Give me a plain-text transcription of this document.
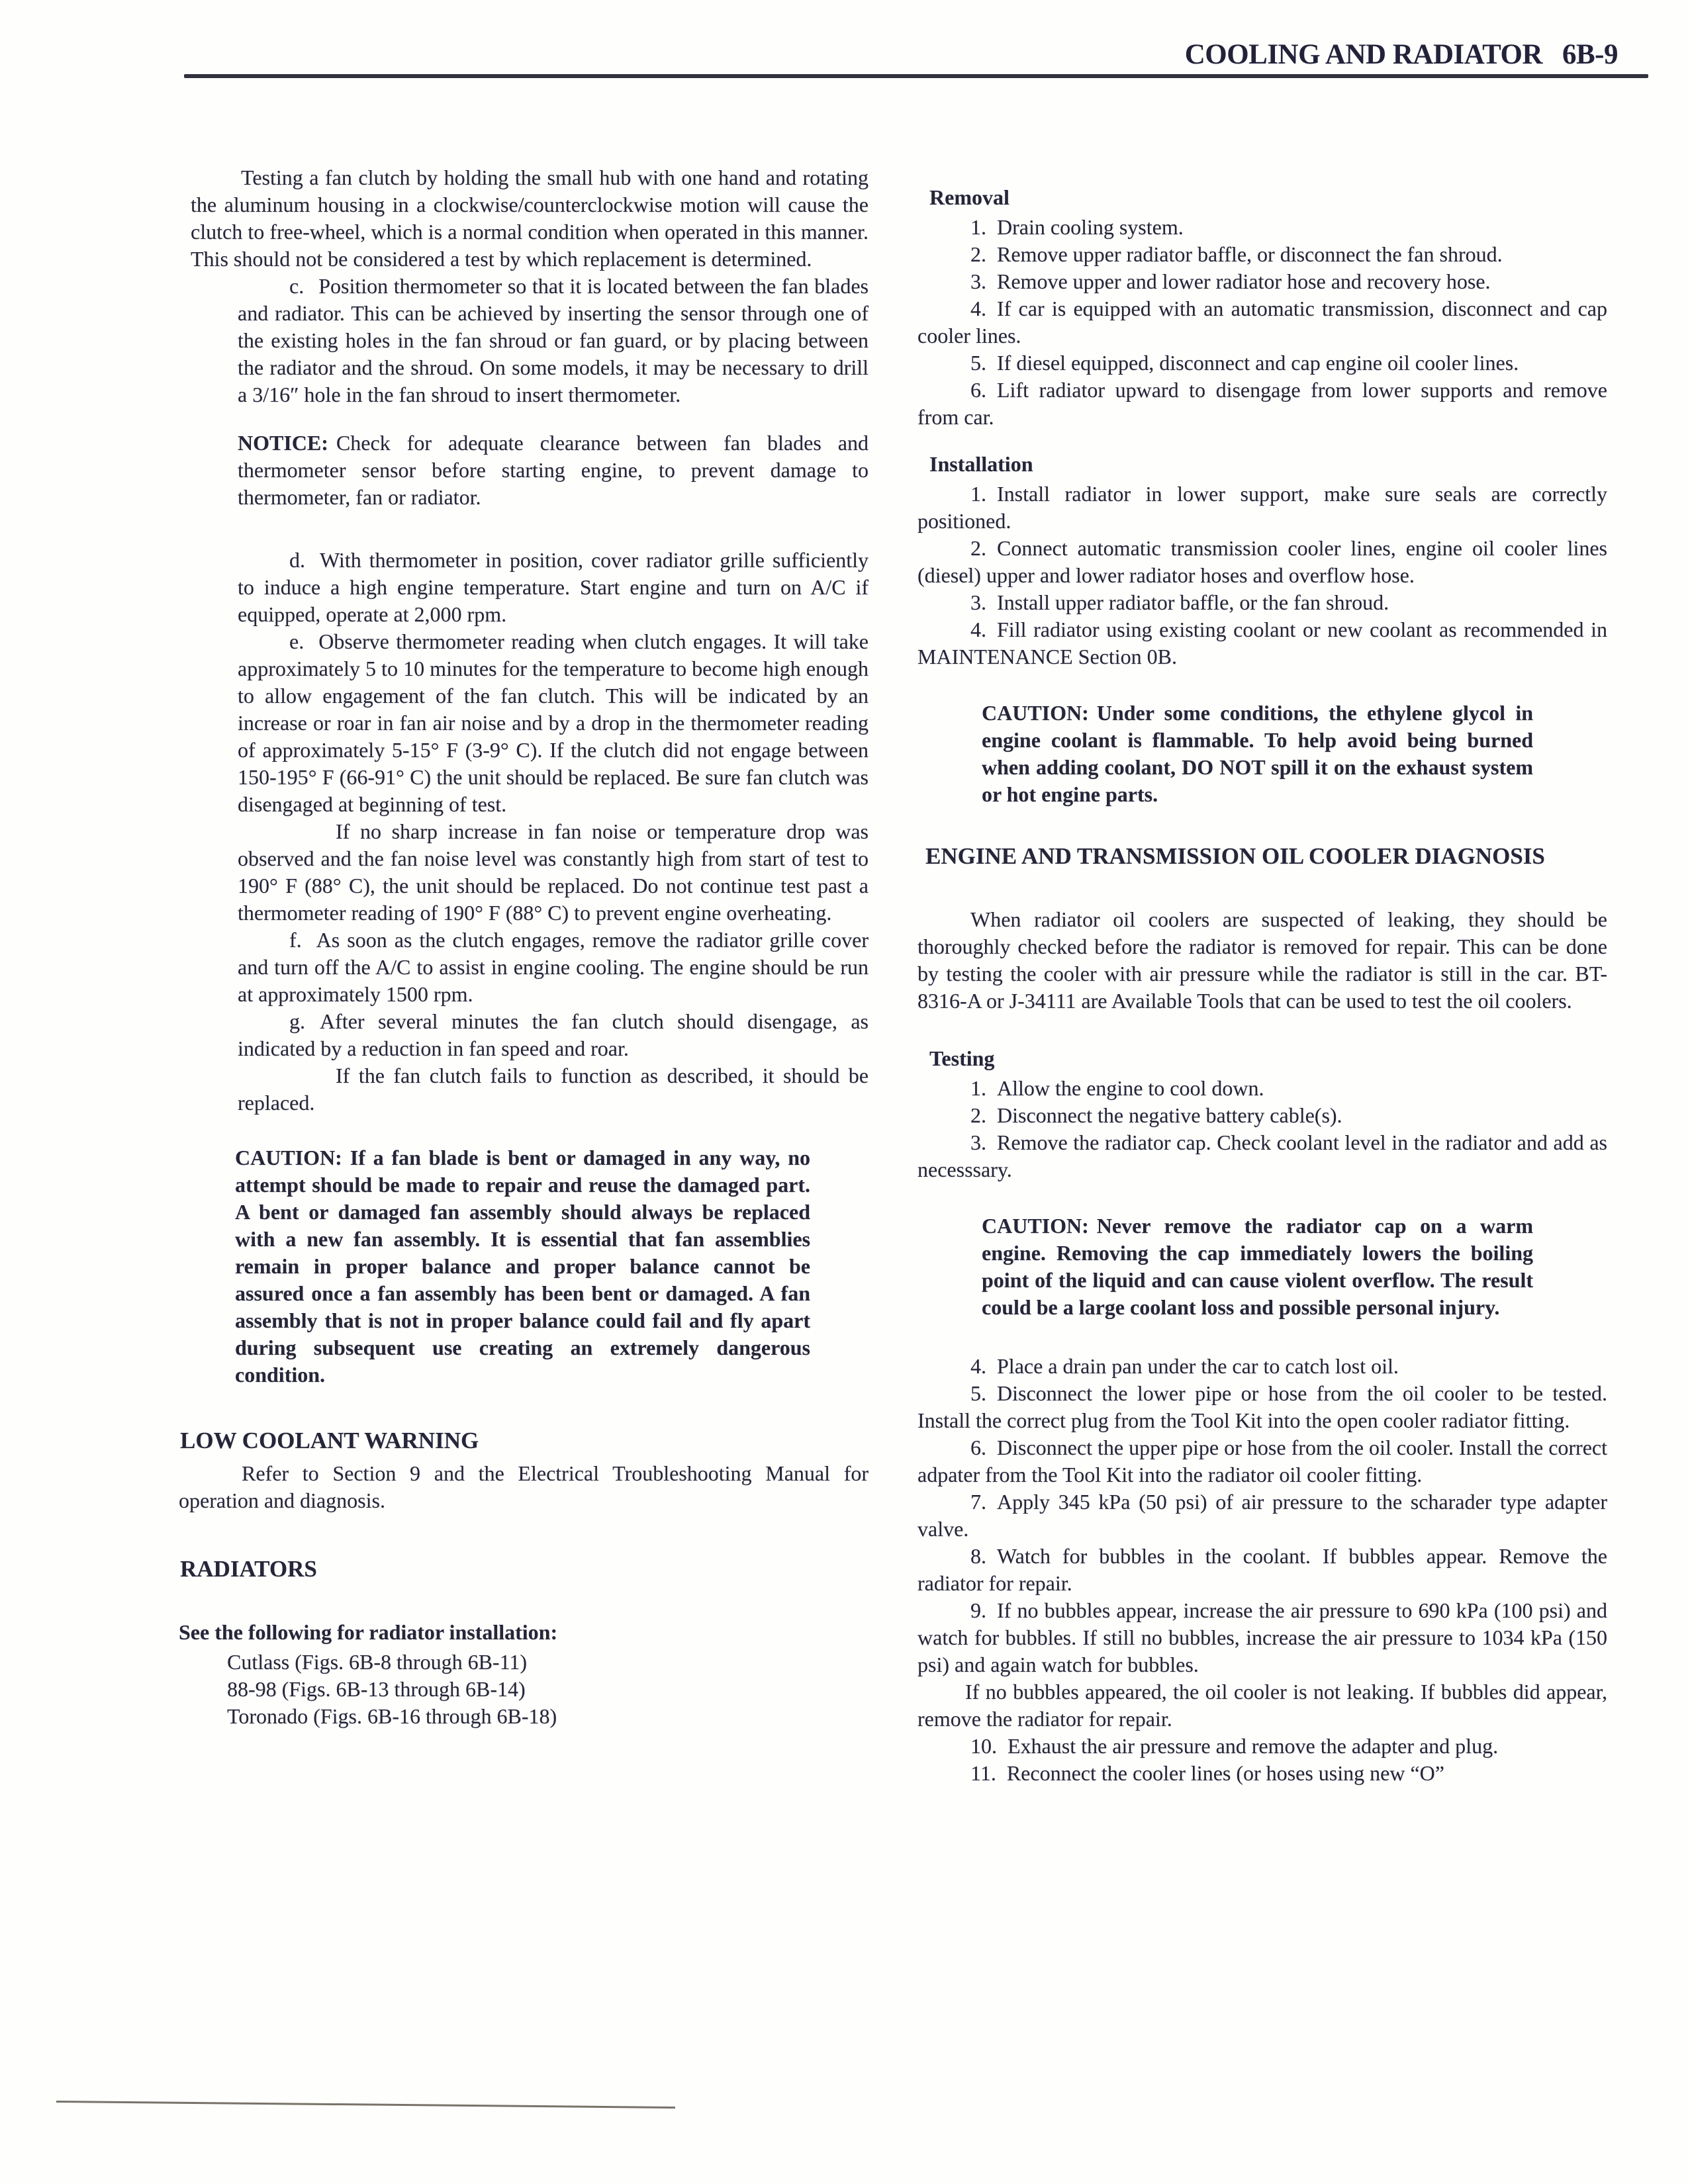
COOLING AND RADIATOR 6B-9

Testing a fan clutch by holding the small hub with one hand and rotating the aluminum housing in a clockwise/counterclockwise motion will cause the clutch to free-wheel, which is a normal condition when operated in this manner. This should not be considered a test by which replacement is determined.

c. Position thermometer so that it is located between the fan blades and radiator. This can be achieved by inserting the sensor through one of the existing holes in the fan shroud or fan guard, or by placing between the radiator and the shroud. On some models, it may be necessary to drill a 3/16″ hole in the fan shroud to insert thermometer.

NOTICE: Check for adequate clearance between fan blades and thermometer sensor before starting engine, to prevent damage to thermometer, fan or radiator.

d. With thermometer in position, cover radiator grille sufficiently to induce a high engine temperature. Start engine and turn on A/C if equipped, operate at 2,000 rpm.

e. Observe thermometer reading when clutch engages. It will take approximately 5 to 10 minutes for the temperature to become high enough to allow engagement of the fan clutch. This will be indicated by an increase or roar in fan air noise and by a drop in the thermometer reading of approximately 5-15° F (3-9° C). If the clutch did not engage between 150-195° F (66-91° C) the unit should be replaced. Be sure fan clutch was disengaged at beginning of test.

If no sharp increase in fan noise or temperature drop was observed and the fan noise level was constantly high from start of test to 190° F (88° C), the unit should be replaced. Do not continue test past a thermometer reading of 190° F (88° C) to prevent engine overheating.

f. As soon as the clutch engages, remove the radiator grille cover and turn off the A/C to assist in engine cooling. The engine should be run at approximately 1500 rpm.

g. After several minutes the fan clutch should disengage, as indicated by a reduction in fan speed and roar.

If the fan clutch fails to function as described, it should be replaced.

CAUTION: If a fan blade is bent or damaged in any way, no attempt should be made to repair and reuse the damaged part. A bent or damaged fan assembly should always be replaced with a new fan assembly. It is essential that fan assemblies remain in proper balance and proper balance cannot be assured once a fan assembly has been bent or damaged. A fan assembly that is not in proper balance could fail and fly apart during subsequent use creating an extremely dangerous condition.

LOW COOLANT WARNING

Refer to Section 9 and the Electrical Troubleshooting Manual for operation and diagnosis.

RADIATORS

See the following for radiator installation:

Cutlass (Figs. 6B-8 through 6B-11)

88-98 (Figs. 6B-13 through 6B-14)

Toronado (Figs. 6B-16 through 6B-18)

Removal

1. Drain cooling system.

2. Remove upper radiator baffle, or disconnect the fan shroud.

3. Remove upper and lower radiator hose and recovery hose.

4. If car is equipped with an automatic transmission, disconnect and cap cooler lines.

5. If diesel equipped, disconnect and cap engine oil cooler lines.

6. Lift radiator upward to disengage from lower supports and remove from car.

Installation

1. Install radiator in lower support, make sure seals are correctly positioned.

2. Connect automatic transmission cooler lines, engine oil cooler lines (diesel) upper and lower radiator hoses and overflow hose.

3. Install upper radiator baffle, or the fan shroud.

4. Fill radiator using existing coolant or new coolant as recommended in MAINTENANCE Section 0B.

CAUTION: Under some conditions, the ethylene glycol in engine coolant is flammable. To help avoid being burned when adding coolant, DO NOT spill it on the exhaust system or hot engine parts.

ENGINE AND TRANSMISSION OIL COOLER DIAGNOSIS

When radiator oil coolers are suspected of leaking, they should be thoroughly checked before the radiator is removed for repair. This can be done by testing the cooler with air pressure while the radiator is still in the car. BT-8316-A or J-34111 are Available Tools that can be used to test the oil coolers.

Testing

1. Allow the engine to cool down.

2. Disconnect the negative battery cable(s).

3. Remove the radiator cap. Check coolant level in the radiator and add as necesssary.

CAUTION: Never remove the radiator cap on a warm engine. Removing the cap immediately lowers the boiling point of the liquid and can cause violent overflow. The result could be a large coolant loss and possible personal injury.

4. Place a drain pan under the car to catch lost oil.

5. Disconnect the lower pipe or hose from the oil cooler to be tested. Install the correct plug from the Tool Kit into the open cooler radiator fitting.

6. Disconnect the upper pipe or hose from the oil cooler. Install the correct adpater from the Tool Kit into the radiator oil cooler fitting.

7. Apply 345 kPa (50 psi) of air pressure to the scharader type adapter valve.

8. Watch for bubbles in the coolant. If bubbles appear. Remove the radiator for repair.

9. If no bubbles appear, increase the air pressure to 690 kPa (100 psi) and watch for bubbles. If still no bubbles, increase the air pressure to 1034 kPa (150 psi) and again watch for bubbles.

If no bubbles appeared, the oil cooler is not leaking. If bubbles did appear, remove the radiator for repair.

10. Exhaust the air pressure and remove the adapter and plug.

11. Reconnect the cooler lines (or hoses using new “O”
